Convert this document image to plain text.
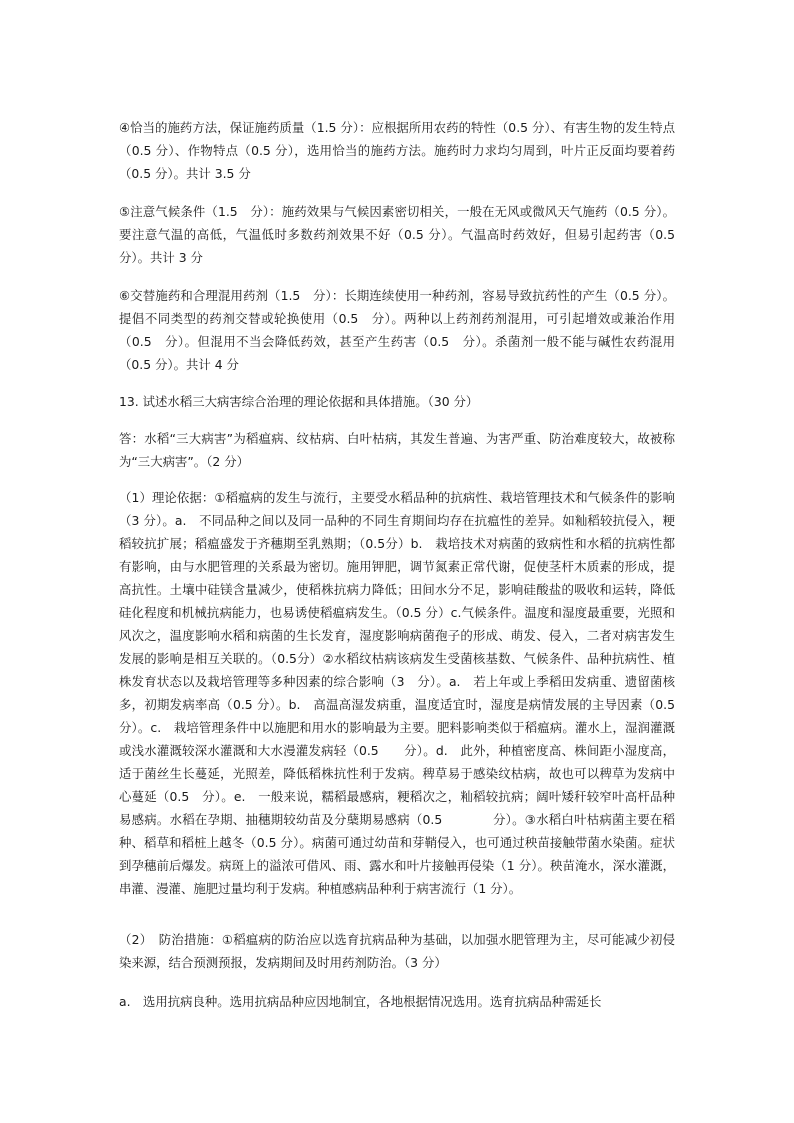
④恰当的施药方法，保证施药质量（1.5 分）：应根据所用农药的特性（0.5 分）、有害生物的发生特点（0.5 分）、作物特点（0.5 分），选用恰当的施药方法。施药时力求均匀周到，叶片正反面均要着药（0.5 分）。共计 3.5 分

⑤注意气候条件（1.5　分）：施药效果与气候因素密切相关，一般在无风或微风天气施药（0.5 分）。要注意气温的高低，气温低时多数药剂效果不好（0.5 分）。气温高时药效好，但易引起药害（0.5 分）。共计 3 分

⑥交替施药和合理混用药剂（1.5　分）：长期连续使用一种药剂，容易导致抗药性的产生（0.5 分）。提倡不同类型的药剂交替或轮换使用（0.5　分）。两种以上药剂药剂混用，可引起增效或兼治作用（0.5　分）。但混用不当会降低药效，甚至产生药害（0.5　分）。杀菌剂一般不能与碱性农药混用（0.5 分）。共计 4 分

13. 试述水稻三大病害综合治理的理论依据和具体措施。（30 分）

答：水稻“三大病害”为稻瘟病、纹枯病、白叶枯病，其发生普遍、为害严重、防治难度较大，故被称为“三大病害”。（2 分）

（1）理论依据：①稻瘟病的发生与流行，主要受水稻品种的抗病性、栽培管理技术和气候条件的影响（3 分）。a.　不同品种之间以及同一品种的不同生育期间均存在抗瘟性的差异。如籼稻较抗侵入，粳稻较抗扩展；稻瘟盛发于齐穗期至乳熟期；（0.5分）b.　栽培技术对病菌的致病性和水稻的抗病性都有影响，由与水肥管理的关系最为密切。施用钾肥，调节氮素正常代谢，促使茎杆木质素的形成，提高抗性。土壤中硅镁含量减少，使稻株抗病力降低；田间水分不足，影响硅酸盐的吸收和运转，降低硅化程度和机械抗病能力，也易诱使稻瘟病发生。（0.5 分）c.气候条件。温度和湿度最重要，光照和风次之，温度影响水稻和病菌的生长发育，湿度影响病菌孢子的形成、萌发、侵入，二者对病害发生发展的影响是相互关联的。（0.5分）②水稻纹枯病该病发生受菌核基数、气候条件、品种抗病性、植株发育状态以及栽培管理等多种因素的综合影响（3　分）。a.　若上年或上季稻田发病重、遗留菌核多，初期发病率高（0.5 分）。b.　高温高湿发病重，温度适宜时，湿度是病情发展的主导因素（0.5　分）。c.　栽培管理条件中以施肥和用水的影响最为主要。肥料影响类似于稻瘟病。灌水上，湿润灌溉或浅水灌溉较深水灌溉和大水漫灌发病轻（0.5　　分）。d.　此外，种植密度高、株间距小湿度高，适于菌丝生长蔓延，光照差，降低稻株抗性利于发病。稗草易于感染纹枯病，故也可以稗草为发病中心蔓延（0.5　分）。e.　一般来说，糯稻最感病，粳稻次之，籼稻较抗病；阔叶矮秆较窄叶高杆品种易感病。水稻在孕期、抽穗期较幼苗及分蘖期易感病（0.5　　　　分）。③水稻白叶枯病菌主要在稻种、稻草和稻桩上越冬（0.5 分）。病菌可通过幼苗和芽鞘侵入，也可通过秧苗接触带菌水染菌。症状到孕穗前后爆发。病斑上的溢浓可借风、雨、露水和叶片接触再侵染（1 分）。秧苗淹水，深水灌溉，串灌、漫灌、施肥过量均利于发病。种植感病品种利于病害流行（1 分）。

（2）　防治措施：①稻瘟病的防治应以选育抗病品种为基础，以加强水肥管理为主，尽可能减少初侵染来源，结合预测预报，发病期间及时用药剂防治。（3 分）

a.　选用抗病良种。选用抗病品种应因地制宜，各地根据情况选用。选育抗病品种需延长
